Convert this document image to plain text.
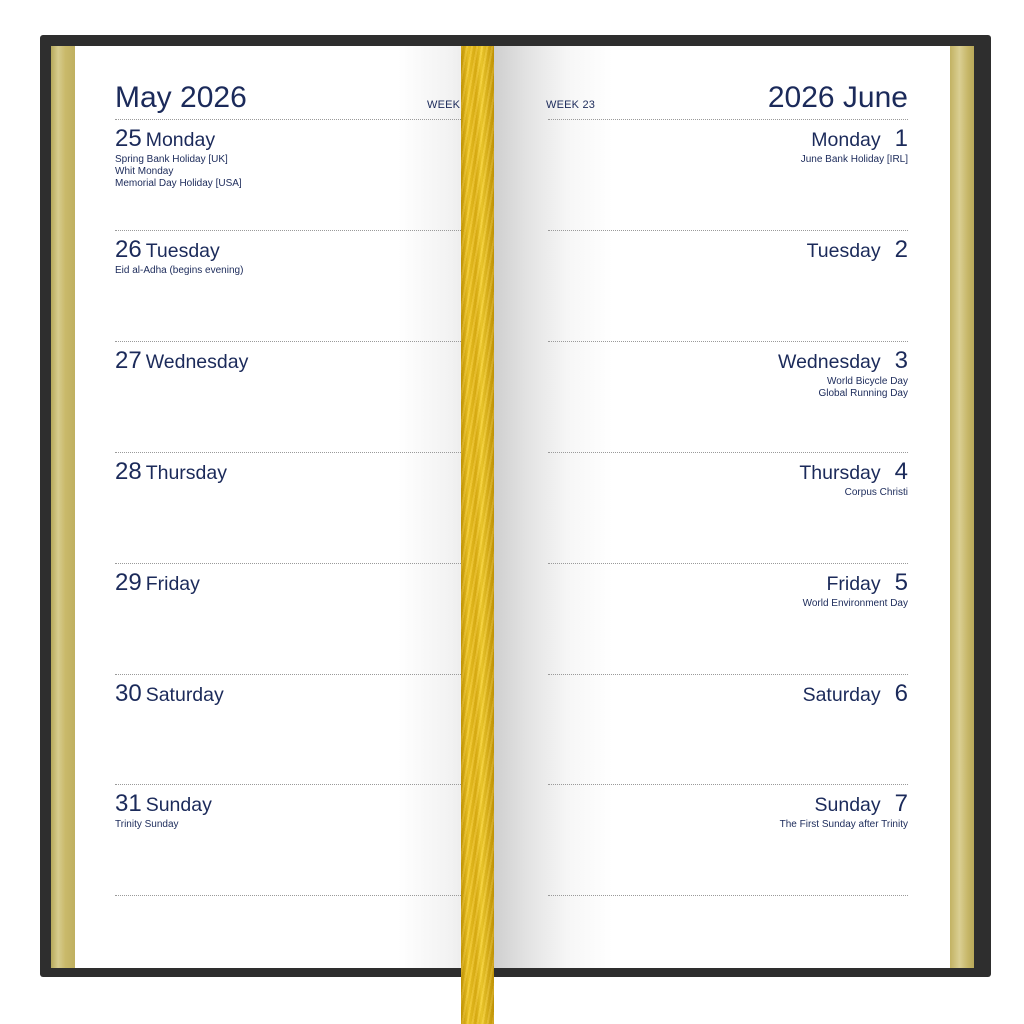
May 2026	WEEK	2026 June
WEEK 23
25 Monday
Spring Bank Holiday [UK]
Whit Monday
Memorial Day Holiday [USA]
26 Tuesday
Eid al-Adha (begins evening)
27 Wednesday
28 Thursday
29 Friday
30 Saturday
31 Sunday
Trinity Sunday
Monday 1
June Bank Holiday [IRL]
Tuesday 2
Wednesday 3
World Bicycle Day
Global Running Day
Thursday 4
Corpus Christi
Friday 5
World Environment Day
Saturday 6
Sunday 7
The First Sunday after Trinity
